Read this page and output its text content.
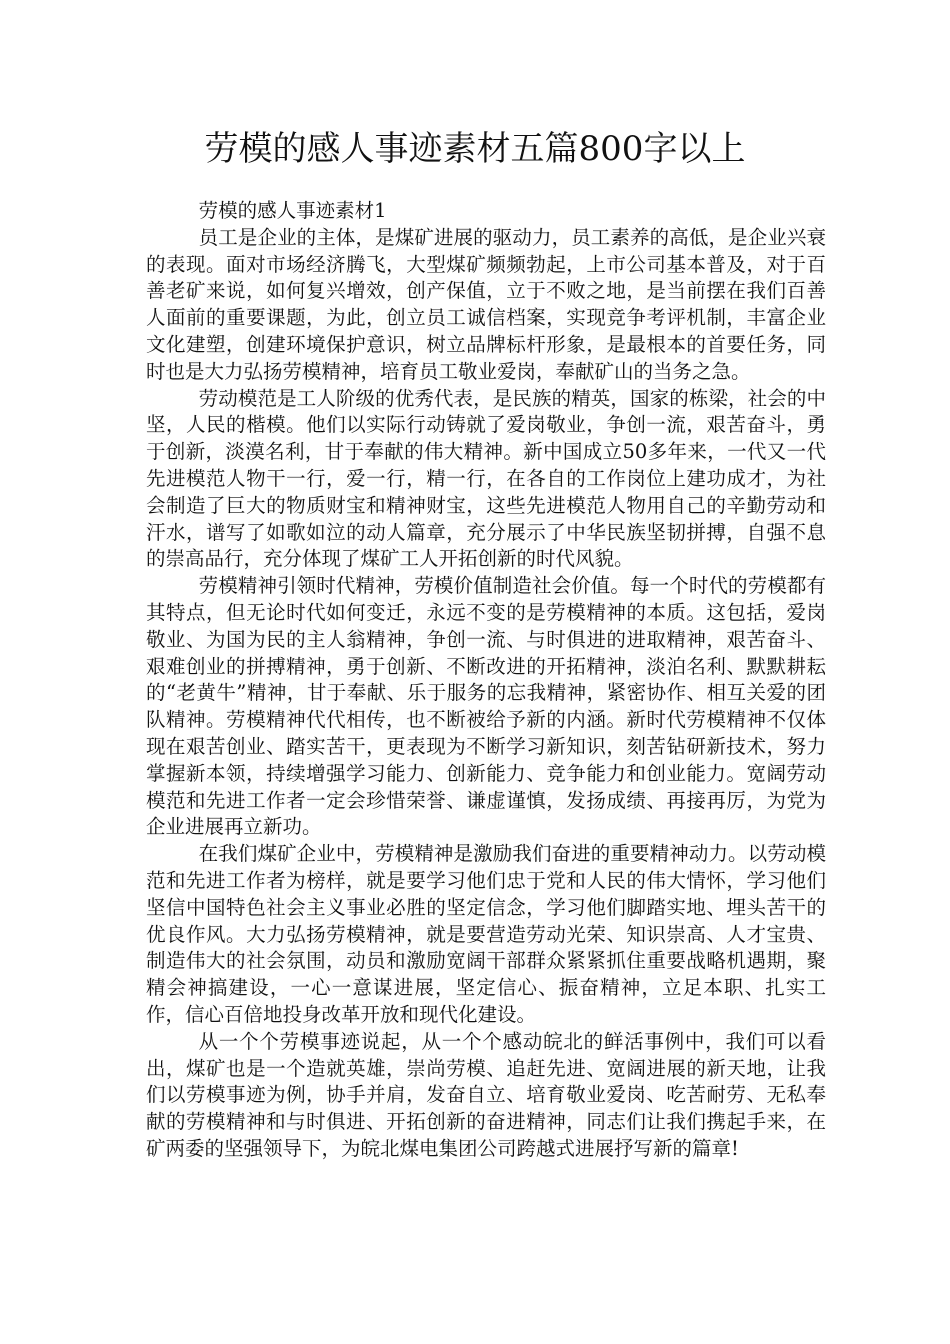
劳模的感人事迹素材五篇800字以上

劳模的感人事迹素材1

员工是企业的主体，是煤矿进展的驱动力，员工素养的高低，是企业兴衰的表现。面对市场经济腾飞，大型煤矿频频勃起，上市公司基本普及，对于百善老矿来说，如何复兴增效，创产保值，立于不败之地，是当前摆在我们百善人面前的重要课题，为此，创立员工诚信档案，实现竞争考评机制，丰富企业文化建塑，创建环境保护意识，树立品牌标杆形象，是最根本的首要任务，同时也是大力弘扬劳模精神，培育员工敬业爱岗，奉献矿山的当务之急。

劳动模范是工人阶级的优秀代表，是民族的精英，国家的栋梁，社会的中坚，人民的楷模。他们以实际行动铸就了爱岗敬业，争创一流，艰苦奋斗，勇于创新，淡漠名利，甘于奉献的伟大精神。新中国成立50多年来，一代又一代先进模范人物干一行，爱一行，精一行，在各自的工作岗位上建功成才，为社会制造了巨大的物质财宝和精神财宝，这些先进模范人物用自己的辛勤劳动和汗水，谱写了如歌如泣的动人篇章，充分展示了中华民族坚韧拼搏，自强不息的崇高品行，充分体现了煤矿工人开拓创新的时代风貌。

劳模精神引领时代精神，劳模价值制造社会价值。每一个时代的劳模都有其特点，但无论时代如何变迁，永远不变的是劳模精神的本质。这包括，爱岗敬业、为国为民的主人翁精神，争创一流、与时俱进的进取精神，艰苦奋斗、艰难创业的拼搏精神，勇于创新、不断改进的开拓精神，淡泊名利、默默耕耘的“老黄牛”精神，甘于奉献、乐于服务的忘我精神，紧密协作、相互关爱的团队精神。劳模精神代代相传，也不断被给予新的内涵。新时代劳模精神不仅体现在艰苦创业、踏实苦干，更表现为不断学习新知识，刻苦钻研新技术，努力掌握新本领，持续增强学习能力、创新能力、竞争能力和创业能力。宽阔劳动模范和先进工作者一定会珍惜荣誉、谦虚谨慎，发扬成绩、再接再厉，为党为企业进展再立新功。

在我们煤矿企业中，劳模精神是激励我们奋进的重要精神动力。以劳动模范和先进工作者为榜样，就是要学习他们忠于党和人民的伟大情怀，学习他们坚信中国特色社会主义事业必胜的坚定信念，学习他们脚踏实地、埋头苦干的优良作风。大力弘扬劳模精神，就是要营造劳动光荣、知识崇高、人才宝贵、制造伟大的社会氛围，动员和激励宽阔干部群众紧紧抓住重要战略机遇期，聚精会神搞建设，一心一意谋进展，坚定信心、振奋精神，立足本职、扎实工作，信心百倍地投身改革开放和现代化建设。

从一个个劳模事迹说起，从一个个感动皖北的鲜活事例中，我们可以看出，煤矿也是一个造就英雄，崇尚劳模、追赶先进、宽阔进展的新天地，让我们以劳模事迹为例，协手并肩，发奋自立、培育敬业爱岗、吃苦耐劳、无私奉献的劳模精神和与时俱进、开拓创新的奋进精神，同志们让我们携起手来，在矿两委的坚强领导下，为皖北煤电集团公司跨越式进展抒写新的篇章!
